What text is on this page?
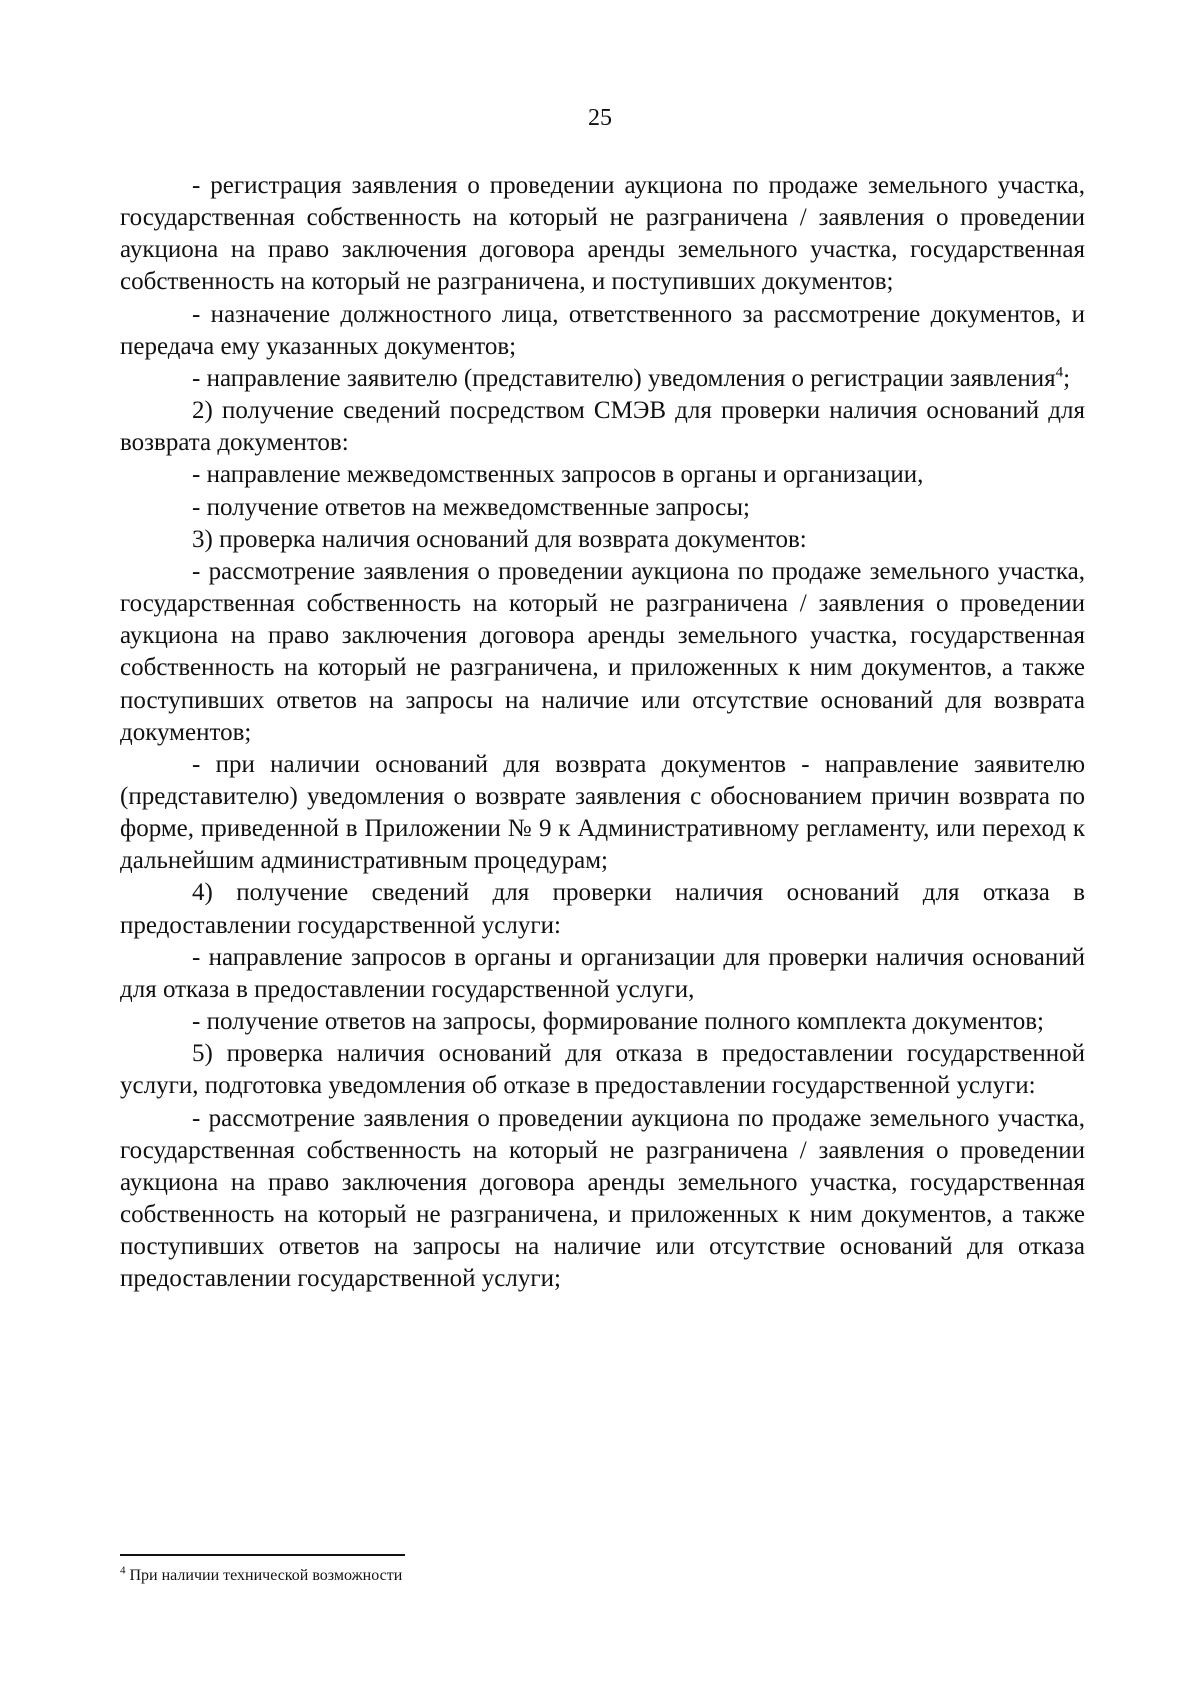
25

- регистрация заявления о проведении аукциона по продаже земельного участка, государственная собственность на который не разграничена / заявления о проведении аукциона на право заключения договора аренды земельного участка, государственная собственность на который не разграничена, и поступивших документов;

- назначение должностного лица, ответственного за рассмотрение документов, и передача ему указанных документов;

- направление заявителю (представителю) уведомления о регистрации заявления$^4$;

2) получение сведений посредством СМЭВ для проверки наличия оснований для возврата документов:

- направление межведомственных запросов в органы и организации,

- получение ответов на межведомственные запросы;

3) проверка наличия оснований для возврата документов:

- рассмотрение заявления о проведении аукциона по продаже земельного участка, государственная собственность на который не разграничена / заявления о проведении аукциона на право заключения договора аренды земельного участка, государственная собственность на который не разграничена, и приложенных к ним документов, а также поступивших ответов на запросы на наличие или отсутствие оснований для возврата документов;

- при наличии оснований для возврата документов - направление заявителю (представителю) уведомления о возврате заявления с обоснованием причин возврата по форме, приведенной в Приложении № 9 к Административному регламенту, или переход к дальнейшим административным процедурам;

4) получение сведений для проверки наличия оснований для отказа в предоставлении государственной услуги:

- направление запросов в органы и организации для проверки наличия оснований для отказа в предоставлении государственной услуги,

- получение ответов на запросы, формирование полного комплекта документов;

5) проверка наличия оснований для отказа в предоставлении государственной услуги, подготовка уведомления об отказе в предоставлении государственной услуги:

- рассмотрение заявления о проведении аукциона по продаже земельного участка, государственная собственность на который не разграничена / заявления о проведении аукциона на право заключения договора аренды земельного участка, государственная собственность на который не разграничена, и приложенных к ним документов, а также поступивших ответов на запросы на наличие или отсутствие оснований для отказа предоставлении государственной услуги;

$^4$ При наличии технической возможности
